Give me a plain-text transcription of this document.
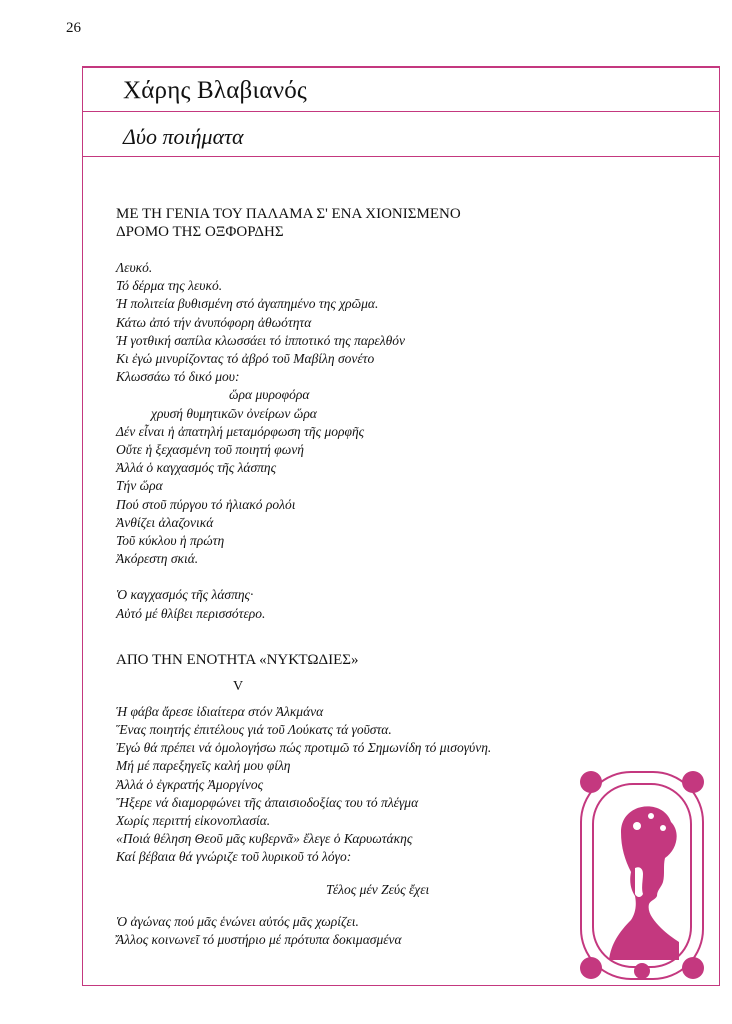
26
Χάρης Βλαβιανός
Δύο ποιήματα
ΜΕ ΤΗ ΓΕΝΙΑ ΤΟΥ ΠΑΛΑΜΑ Σ' ΕΝΑ ΧΙΟΝΙΣΜΕΝΟ
ΔΡΟΜΟ ΤΗΣ ΟΞΦΟΡΔΗΣ
Λευκό.
Τό δέρμα της λευκό.
Ἡ πολιτεία βυθισμένη στό ἀγαπημένο της χρῶμα.
Κάτω ἀπό τήν ἀνυπόφορη ἀθωότητα
Ἡ γοτθική σαπίλα κλωσσάει τό ἱπποτικό της παρελθόν
Κι ἐγώ μινυρίζοντας τό ἀβρό τοῦ Μαβίλη σονέτο
Κλωσσάω τό δικό μου:
ὥρα μυροφόρα
χρυσή θυμητικῶν ὀνείρων ὥρα
Δέν εἶναι ἡ ἀπατηλή μεταμόρφωση τῆς μορφῆς
Οὔτε ἡ ξεχασμένη τοῦ ποιητή φωνή
Ἀλλά ὁ καγχασμός τῆς λάσπης
Τήν ὥρα
Πού στοῦ πύργου τό ἡλιακό ρολόι
Ἀνθίζει ἀλαζονικά
Τοῦ κύκλου ἡ πρώτη
Ἀκόρεστη σκιά.
Ὁ καγχασμός τῆς λάσπης·
Αὐτό μέ θλίβει περισσότερο.
ΑΠΟ ΤΗΝ ΕΝΟΤΗΤΑ «ΝΥΚΤΩΔΙΕΣ»
V
Ἡ φάβα ἄρεσε ἰδιαίτερα στόν Ἀλκμάνα
Ἕνας ποιητής ἐπιτέλους γιά τοῦ Λούκατς τά γοῦστα.
Ἐγώ θά πρέπει νά ὁμολογήσω πώς προτιμῶ τό Σημωνίδη τό μισογύνη.
Μή μέ παρεξηγεῖς καλή μου φίλη
Ἀλλά ὁ ἐγκρατής Ἀμοργίνος
Ἤξερε νά διαμορφώνει τῆς ἀπαισιοδοξίας του τό πλέγμα
Χωρίς περιττή εἰκονοπλασία.
«Ποιά θέληση Θεοῦ μᾶς κυβερνᾶ» ἔλεγε ὁ Καρυωτάκης
Καί βέβαια θά γνώριζε τοῦ λυρικοῦ τό λόγο:
Τέλος μέν Ζεύς ἔχει
Ὁ ἀγώνας πού μᾶς ἑνώνει αὐτός μᾶς χωρίζει.
Ἄλλος κοινωνεῖ τό μυστήριο μέ πρότυπα δοκιμασμένα
